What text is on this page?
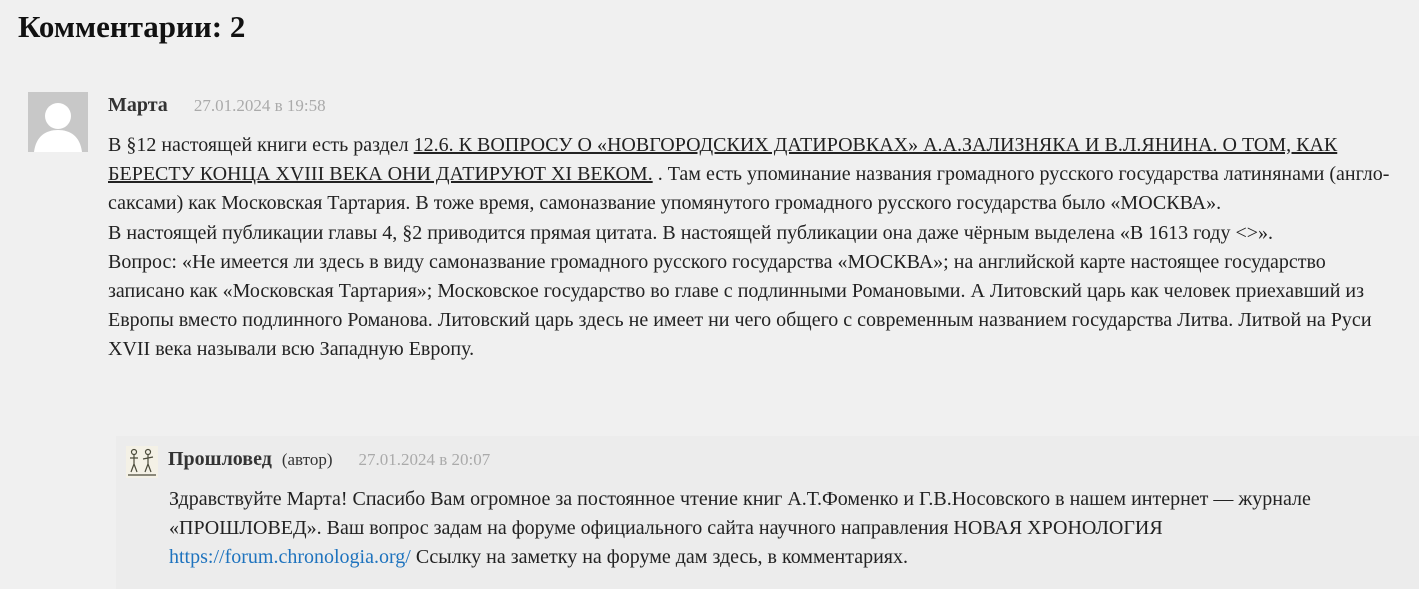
Комментарии: 2
Марта 27.01.2024 в 19:58
В §12 настоящей книги есть раздел 12.6. К ВОПРОСУ О «НОВГОРОДСКИХ ДАТИРОВКАХ» А.А.ЗАЛИЗНЯКА И В.Л.ЯНИНА. О ТОМ, КАК БЕРЕСТУ КОНЦА XVIII ВЕКА ОНИ ДАТИРУЮТ XI ВЕКОМ. . Там есть упоминание названия громадного русского государства латинянами (англо-саксами) как Московская Тартария. В тоже время, самоназвание упомянутого громадного русского государства было «МОСКВА».
В настоящей публикации главы 4, §2 приводится прямая цитата. В настоящей публикации она даже чёрным выделена «В 1613 году <>».
Вопрос: «Не имеется ли здесь в виду самоназвание громадного русского государства «МОСКВА»; на английской карте настоящее государство записано как «Московская Тартария»; Московское государство во главе с подлинными Романовыми. А Литовский царь как человек приехавший из Европы вместо подлинного Романова. Литовский царь здесь не имеет ни чего общего с современным названием государства Литва. Литвой на Руси XVII века называли всю Западную Европу.
Прошловед (автор) 27.01.2024 в 20:07
Здравствуйте Марта! Спасибо Вам огромное за постоянное чтение книг А.Т.Фоменко и Г.В.Носовского в нашем интернет — журнале «ПРОШЛОВЕД». Ваш вопрос задам на форуме официального сайта научного направления НОВАЯ ХРОНОЛОГИЯ https://forum.chronologia.org/ Ссылку на заметку на форуме дам здесь, в комментариях.
